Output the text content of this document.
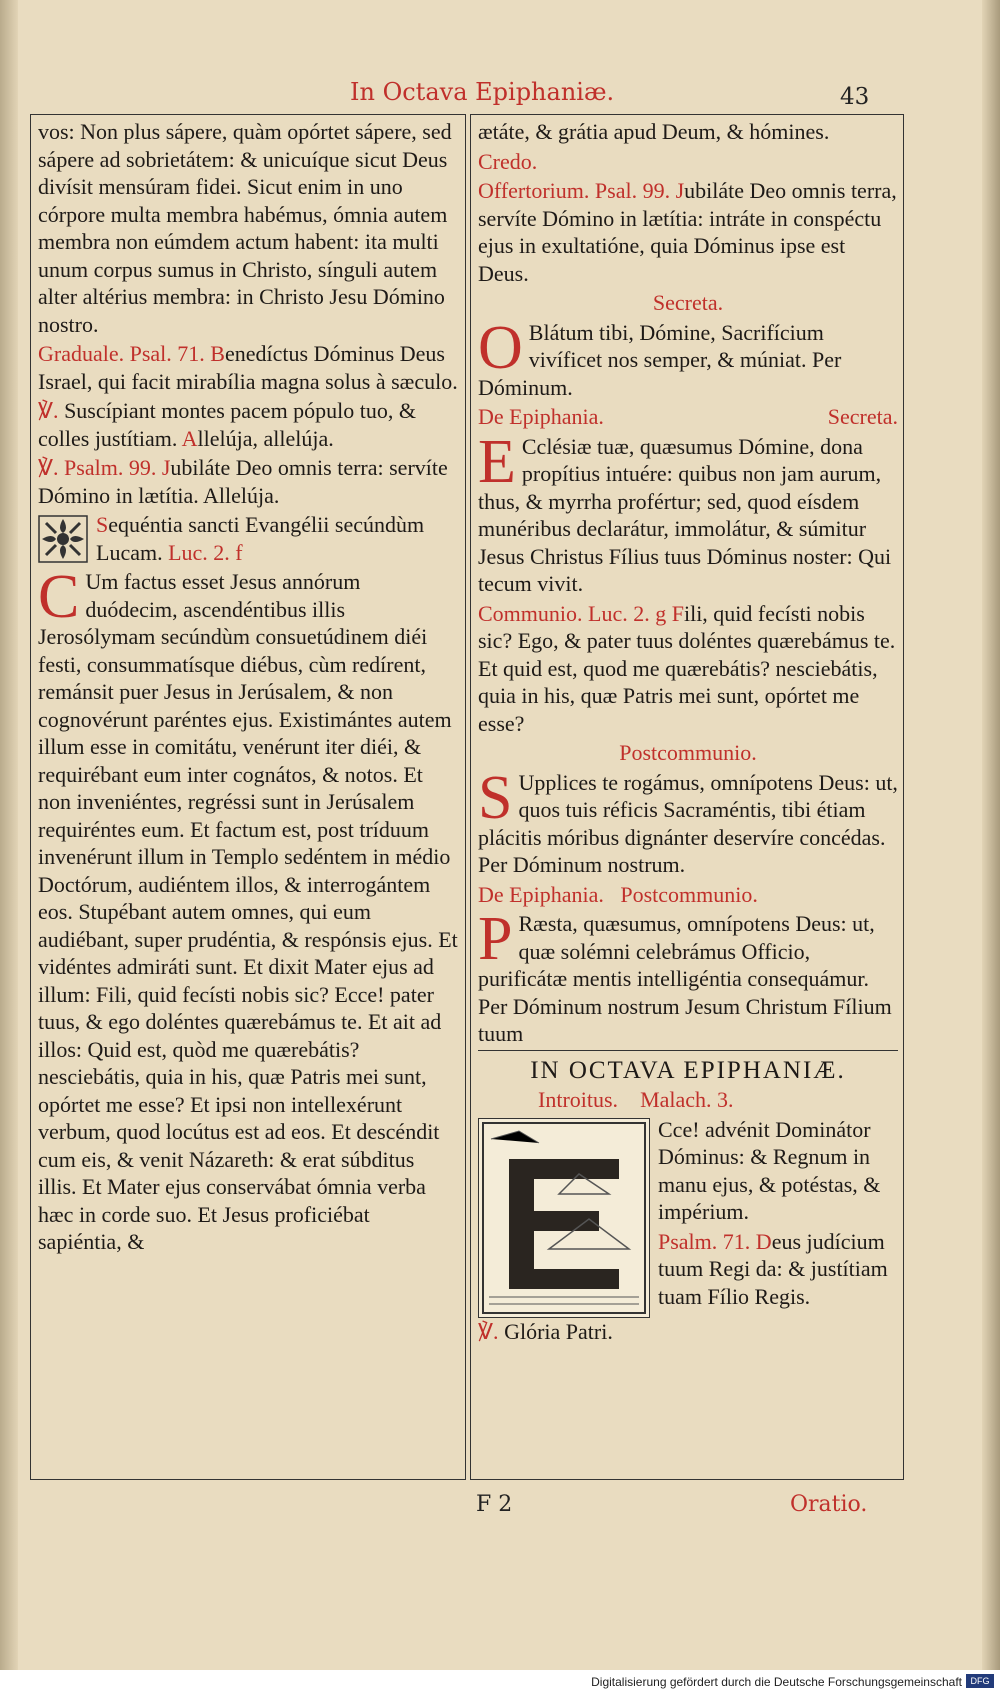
In Octava Epiphaniæ.	43

vos: Non plus sápere, quàm opórtet sápere, sed sápere ad sobrietátem: & unicuíque sicut Deus divísit mensúram fidei. Sicut enim in uno córpore multa membra habémus, ómnia autem membra non eúmdem actum habent: ita multi unum corpus sumus in Christo, sínguli autem alter altérius membra: in Christo Jesu Dómino nostro.

Graduale. Psal. 71. Benedíctus Dóminus Deus Israel, qui facit mirabília magna solus à sæculo.

℣. Suscípiant montes pacem pópulo tuo, & colles justítiam. Allelúja, allelúja.

℣. Psalm. 99. Jubiláte Deo omnis terra: servíte Dómino in lætítia. Allelúja.

Sequéntia sancti Evangélii secúndùm Lucam. Luc. 2. f

C Um factus esset Jesus annórum duódecim, ascendéntibus illis Jerosólymam secúndùm consuetúdinem diéi festi, consummatísque diébus, cùm redírent, remánsit puer Jesus in Jerúsalem, & non cognovérunt paréntes ejus. Existimántes autem illum esse in comitátu, venérunt iter diéi, & requirébant eum inter cognátos, & notos. Et non inveniéntes, regréssi sunt in Jerúsalem requiréntes eum. Et factum est, post tríduum invenérunt illum in Templo sedéntem in médio Doctórum, audiéntem illos, & interrogántem eos. Stupébant autem omnes, qui eum audiébant, super prudéntia, & respónsis ejus. Et vidéntes admiráti sunt. Et dixit Mater ejus ad illum: Fili, quid fecísti nobis sic? Ecce! pater tuus, & ego doléntes quærebámus te. Et ait ad illos: Quid est, quòd me quærebátis? nesciebátis, quia in his, quæ Patris mei sunt, opórtet me esse? Et ipsi non intellexérunt verbum, quod locútus est ad eos. Et descéndit cum eis, & venit Názareth: & erat súbditus illis. Et Mater ejus conservábat ómnia verba hæc in corde suo. Et Jesus proficiébat sapiéntia, &

ætáte, & grátia apud Deum, & hómines.

Credo.

Offertorium. Psal. 99. Jubiláte Deo omnis terra, servíte Dómino in lætítia: intráte in conspéctu ejus in exultatióne, quia Dóminus ipse est Deus.

Secreta.

O Blátum tibi, Dómine, Sacrifícium vivíficet nos semper, & múniat. Per Dóminum.

De Epiphania.	Secreta.

E Cclésiæ tuæ, quæsumus Dómine, dona propítius intuére: quibus non jam aurum, thus, & myrrha profértur; sed, quod eísdem munéribus declarátur, immolátur, & súmitur Jesus Christus Fílius tuus Dóminus noster: Qui tecum vivit.

Communio. Luc. 2. g Fili, quid fecísti nobis sic? Ego, & pater tuus doléntes quærebámus te. Et quid est, quod me quærebátis? nesciebátis, quia in his, quæ Patris mei sunt, opórtet me esse?

Postcommunio.

S Upplices te rogámus, omnípotens Deus: ut, quos tuis réficis Sacraméntis, tibi étiam plácitis móribus dignánter deservíre concédas. Per Dóminum nostrum.

De Epiphania. Postcommunio.

P Ræsta, quæsumus, omnípotens Deus: ut, quæ solémni celebrámus Officio, purificátæ mentis intelligéntia consequámur. Per Dóminum nostrum Jesum Christum Fílium tuum

IN OCTAVA EPIPHANIÆ.

Introitus. Malach. 3.

Cce! advénit Dominátor Dóminus: & Regnum in manu ejus, & potéstas, & impérium.

Psalm. 71. Deus judícium tuum Regi da: & justítiam tuam Fílio Regis.

℣. Glória Patri.

F 2	Oratio.
Digitalisierung gefördert durch die Deutsche Forschungsgemeinschaft DFG
